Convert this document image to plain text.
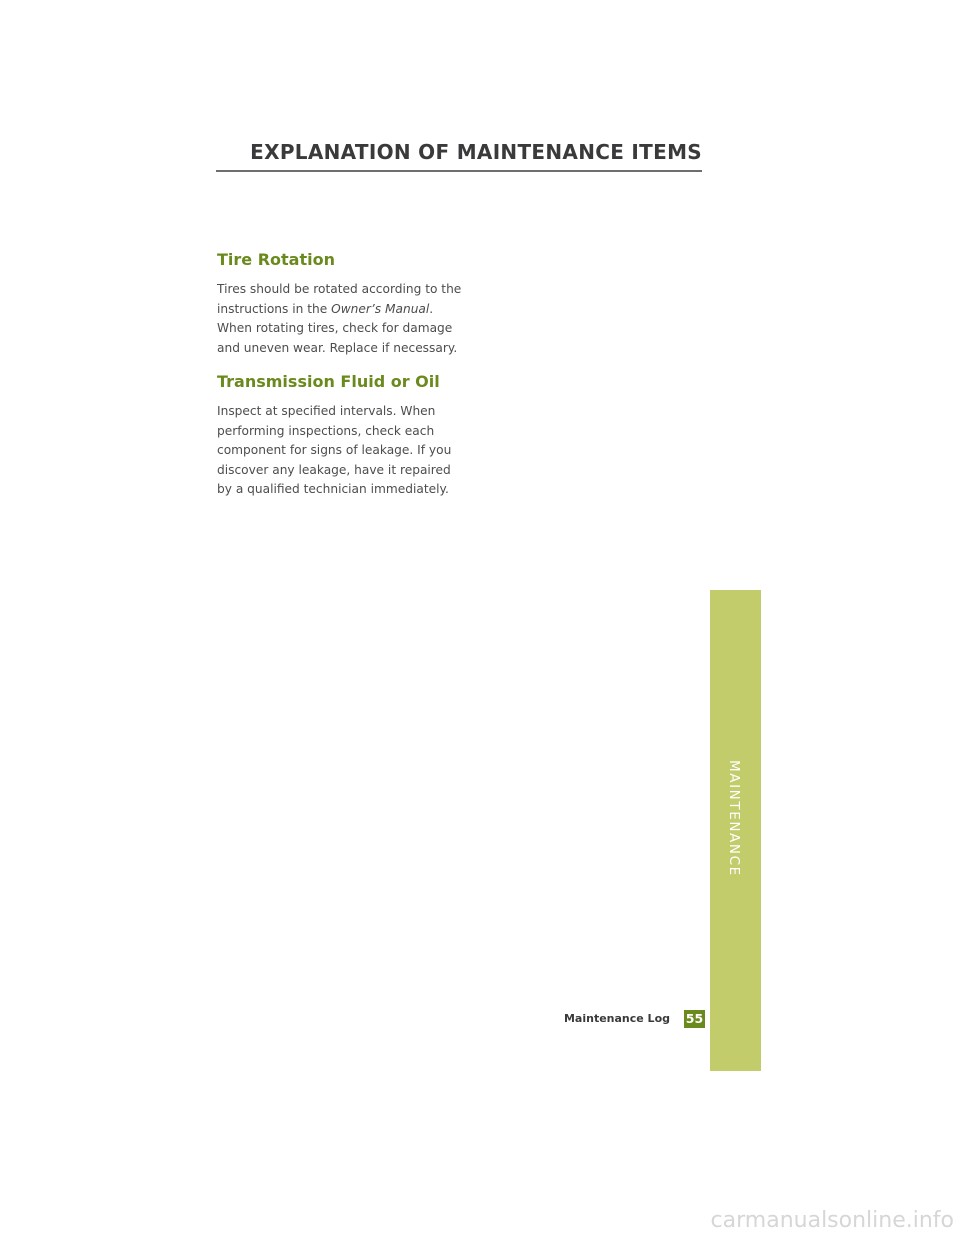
EXPLANATION OF MAINTENANCE ITEMS
Tire Rotation

Tires should be rotated according to the
instructions in the Owner’s Manual.
When rotating tires, check for damage
and uneven wear. Replace if necessary.

Transmission Fluid or Oil

Inspect at specified intervals. When
performing inspections, check each
component for signs of leakage. If you
discover any leakage, have it repaired
by a qualified technician immediately.

MAINTENANCE
Maintenance Log 55
carmanualsonline.info
